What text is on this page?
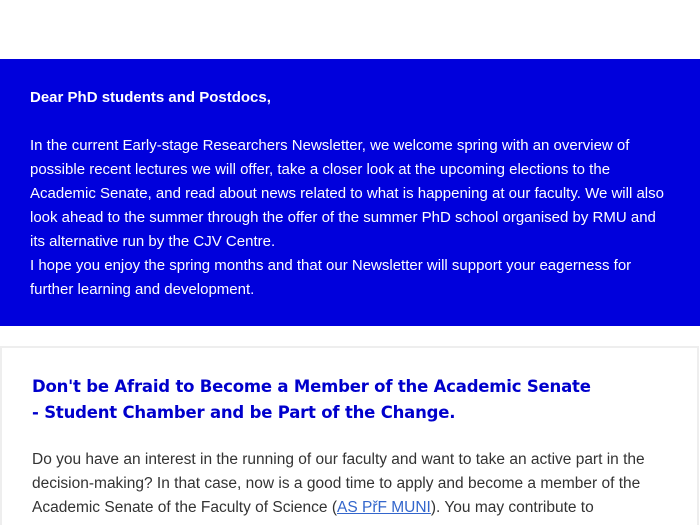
Dear PhD students and Postdocs,

In the current Early-stage Researchers Newsletter, we welcome spring with an overview of possible recent lectures we will offer, take a closer look at the upcoming elections to the Academic Senate, and read about news related to what is happening at our faculty. We will also look ahead to the summer through the offer of the summer PhD school organised by RMU and its alternative run by the CJV Centre.
I hope you enjoy the spring months and that our Newsletter will support your eagerness for further learning and development.

Don't be Afraid to Become a Member of the Academic Senate
- Student Chamber and be Part of the Change.

Do you have an interest in the running of our faculty and want to take an active part in the decision-making? In that case, now is a good time to apply and become a member of the Academic Senate of the Faculty of Science (AS PřF MUNI). You may contribute to
